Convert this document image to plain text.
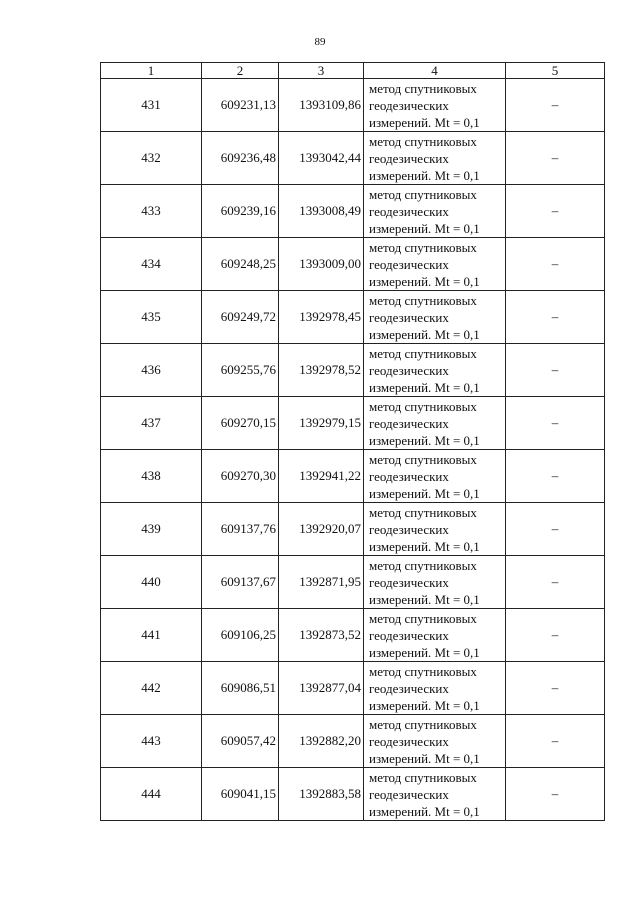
89
1	2	3	4	5
431	609231,13	1393109,86	метод спутниковых
геодезических
измерений. Mt = 0,1	–
432	609236,48	1393042,44	метод спутниковых
геодезических
измерений. Mt = 0,1	–
433	609239,16	1393008,49	метод спутниковых
геодезических
измерений. Mt = 0,1	–
434	609248,25	1393009,00	метод спутниковых
геодезических
измерений. Mt = 0,1	–
435	609249,72	1392978,45	метод спутниковых
геодезических
измерений. Mt = 0,1	–
436	609255,76	1392978,52	метод спутниковых
геодезических
измерений. Mt = 0,1	–
437	609270,15	1392979,15	метод спутниковых
геодезических
измерений. Mt = 0,1	–
438	609270,30	1392941,22	метод спутниковых
геодезических
измерений. Mt = 0,1	–
439	609137,76	1392920,07	метод спутниковых
геодезических
измерений. Mt = 0,1	–
440	609137,67	1392871,95	метод спутниковых
геодезических
измерений. Mt = 0,1	–
441	609106,25	1392873,52	метод спутниковых
геодезических
измерений. Mt = 0,1	–
442	609086,51	1392877,04	метод спутниковых
геодезических
измерений. Mt = 0,1	–
443	609057,42	1392882,20	метод спутниковых
геодезических
измерений. Mt = 0,1	–
444	609041,15	1392883,58	метод спутниковых
геодезических
измерений. Mt = 0,1	–
